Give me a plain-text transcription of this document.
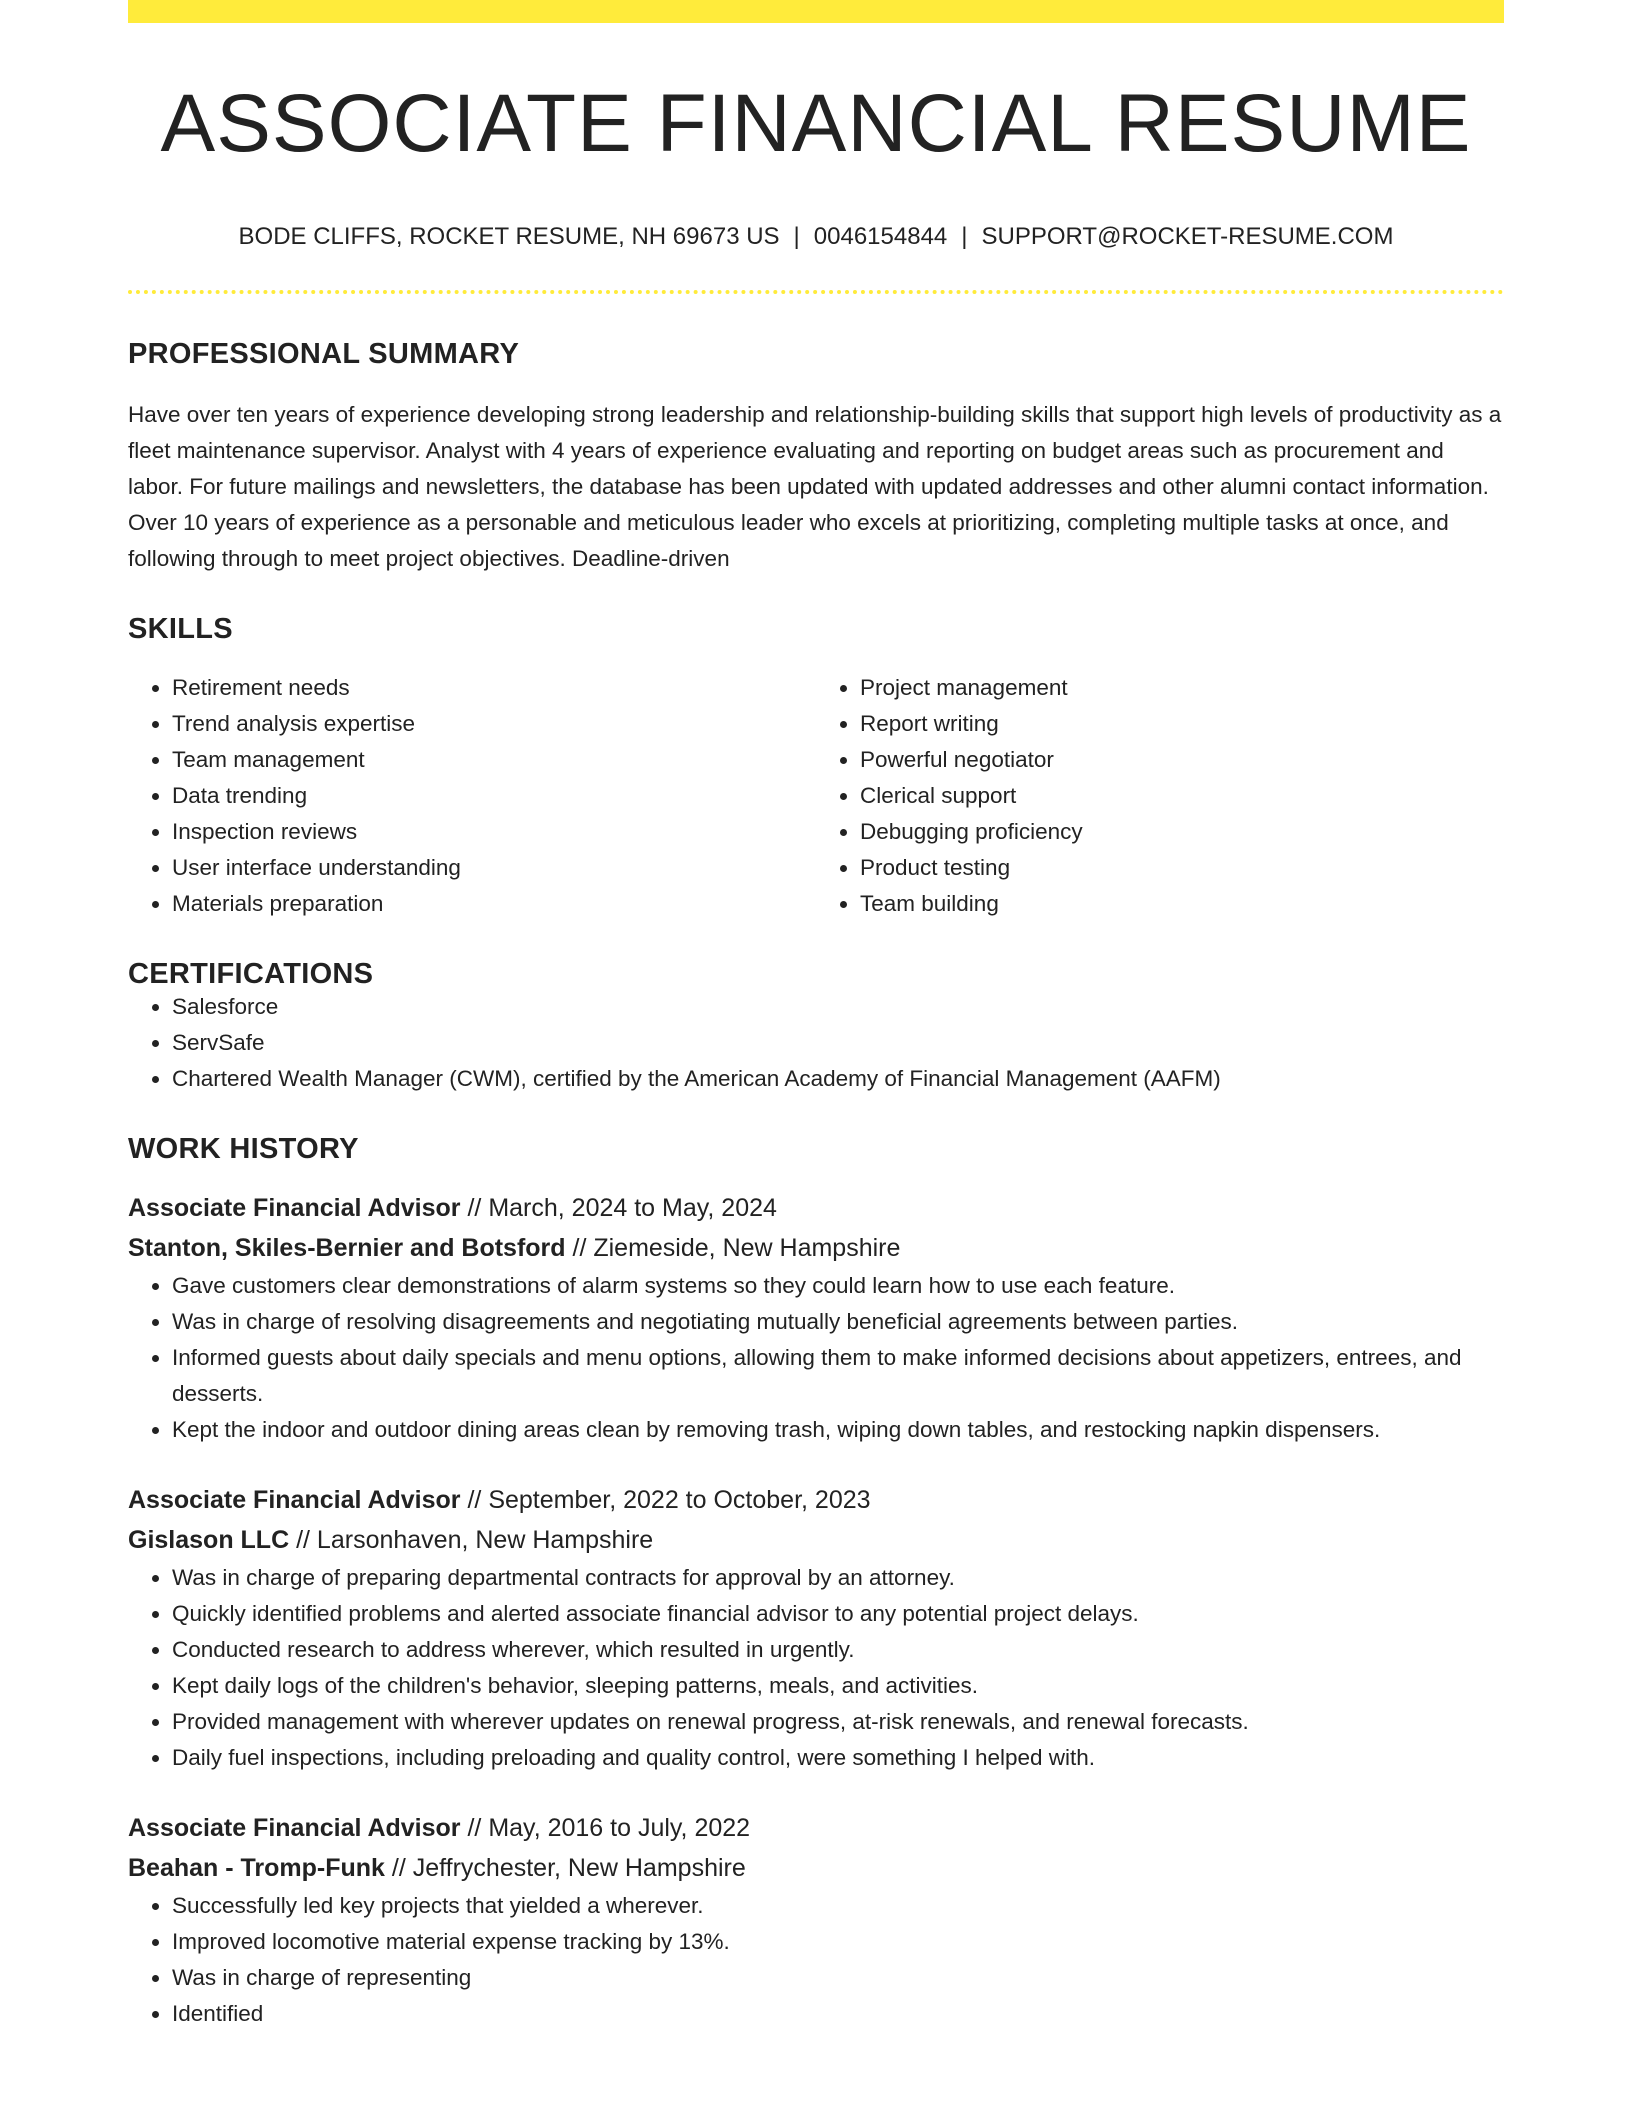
ASSOCIATE FINANCIAL RESUME
BODE CLIFFS, ROCKET RESUME, NH 69673 US | 0046154844 | SUPPORT@ROCKET-RESUME.COM
PROFESSIONAL SUMMARY

Have over ten years of experience developing strong leadership and relationship-building skills that support high levels of productivity as a fleet maintenance supervisor. Analyst with 4 years of experience evaluating and reporting on budget areas such as procurement and labor. For future mailings and newsletters, the database has been updated with updated addresses and other alumni contact information. Over 10 years of experience as a personable and meticulous leader who excels at prioritizing, completing multiple tasks at once, and following through to meet project objectives. Deadline-driven

SKILLS
• Retirement needs
• Trend analysis expertise
• Team management
• Data trending
• Inspection reviews
• User interface understanding
• Materials preparation
• Project management
• Report writing
• Powerful negotiator
• Clerical support
• Debugging proficiency
• Product testing
• Team building
CERTIFICATIONS
• Salesforce
• ServSafe
• Chartered Wealth Manager (CWM), certified by the American Academy of Financial Management (AAFM)
WORK HISTORY
Associate Financial Advisor // March, 2024 to May, 2024
Stanton, Skiles-Bernier and Botsford // Ziemeside, New Hampshire
• Gave customers clear demonstrations of alarm systems so they could learn how to use each feature.
• Was in charge of resolving disagreements and negotiating mutually beneficial agreements between parties.
• Informed guests about daily specials and menu options, allowing them to make informed decisions about appetizers, entrees, and desserts.
• Kept the indoor and outdoor dining areas clean by removing trash, wiping down tables, and restocking napkin dispensers.
Associate Financial Advisor // September, 2022 to October, 2023
Gislason LLC // Larsonhaven, New Hampshire
• Was in charge of preparing departmental contracts for approval by an attorney.
• Quickly identified problems and alerted associate financial advisor to any potential project delays.
• Conducted research to address wherever, which resulted in urgently.
• Kept daily logs of the children's behavior, sleeping patterns, meals, and activities.
• Provided management with wherever updates on renewal progress, at-risk renewals, and renewal forecasts.
• Daily fuel inspections, including preloading and quality control, were something I helped with.
Associate Financial Advisor // May, 2016 to July, 2022
Beahan - Tromp-Funk // Jeffrychester, New Hampshire
• Successfully led key projects that yielded a wherever.
• Improved locomotive material expense tracking by 13%.
• Was in charge of representing
• Identified
